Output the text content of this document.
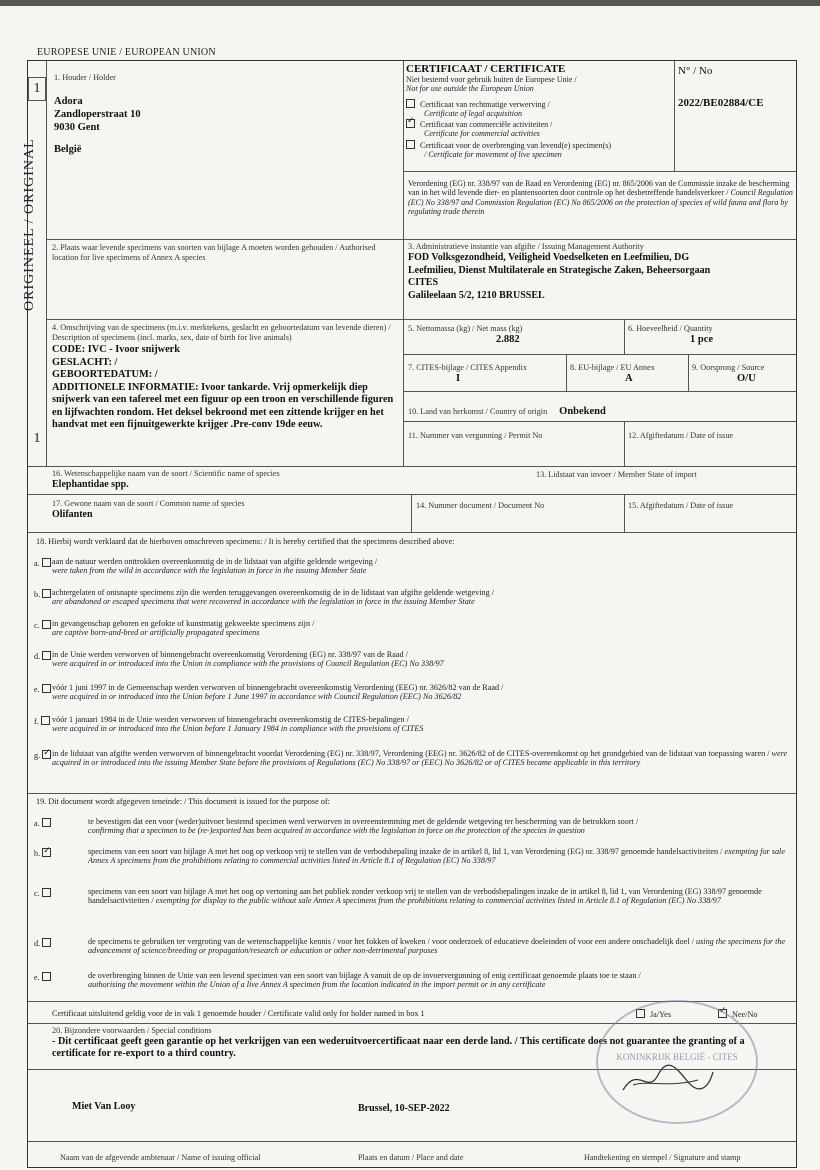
EUROPESE UNIE / EUROPEAN UNION
1
ORIGINEEL / ORIGINAL
1
1. Houder / Holder
Adora
Zandloperstraat 10
9030 Gent
België
CERTIFICAAT / CERTIFICATE
Niet bestemd voor gebruik buiten de Europese Unie /
Not for use outside the European Union
Certificaat van rechtmatige verwerving /
Certificate of legal acquisition
✓Certificaat van commerciële activiteiten /
Certificate for commercial activities
Certificaat voor de overbrenging van levend(e) specimen(s)
/ Certificate for movement of live specimen
N° / No
2022/BE02884/CE
Verordening (EG) nr. 338/97 van de Raad en Verordening (EG) nr. 865/2006 van de Commissie inzake de bescherming van in het wild levende dier- en plantensoorten door controle op het desbetreffende handelsverkeer / Council Regulation (EC) No 338/97 and Commission Regulation (EC) No 865/2006 on the protection of species of wild fauna and flora by regulating trade therein
2. Plaats waar levende specimens van soorten van bijlage A moeten worden gehouden / Authorised location for live specimens of Annex A species
3. Administratieve instantie van afgifte / Issuing Management Authority
FOD Volksgezondheid, Veiligheid Voedselketen en Leefmilieu, DG
Leefmilieu, Dienst Multilaterale en Strategische Zaken, Beheersorgaan
CITES
Galileelaan 5/2, 1210 BRUSSEL
4. Omschrijving van de specimens (m.i.v. merktekens, geslacht en geboortedatum van levende dieren) / Description of specimens (incl. marks, sex, date of birth for live animals)
CODE: IVC - Ivoor snijwerk
GESLACHT: /
GEBOORTEDATUM: /
ADDITIONELE INFORMATIE: Ivoor tankarde. Vrij opmerkelijk diep snijwerk van een tafereel met een figuur op een troon en verschillende figuren en lijfwachten rondom. Het deksel bekroond met een zittende krijger en het handvat met een fijnuitgewerkte krijger .Pre-conv 19de eeuw.
5. Nettomassa (kg) / Net mass (kg)
2.882
6. Hoeveelheid / Quantity
1 pce
7. CITES-bijlage / CITES Appendix
I
8. EU-bijlage / EU Annex
A
9. Oorsprong / Source
O/U
10. Land van herkomst / Country of origin Onbekend
11. Nummer van vergunning / Permit No	12. Afgiftedatum / Date of issue
16. Wetenschappelijke naam van de soort / Scientific name of species
Elephantidae spp.
13. Lidstaat van invoer / Member State of import
17. Gewone naam van de soort / Common name of species
Olifanten
14. Nummer document / Document No	15. Afgiftedatum / Date of issue
18. Hierbij wordt verklaard dat de hierboven omschreven specimens: / It is hereby certified that the specimens described above:
a.	aan de natuur werden onttrokken overeenkomstig de in de lidstaat van afgifte geldende wetgeving /
were taken from the wild in accordance with the legislation in force in the issuing Member State
b.	achtergelaten of ontsnapte specimens zijn die werden teruggevangen overeenkomstig de in de lidstaat van afgifte geldende wetgeving /
are abandoned or escaped specimens that were recovered in accordance with the legislation in force in the issuing Member State
c.	in gevangenschap geboren en gefokte of kunstmatig gekweekte specimens zijn /
are captive born-and-bred or artificially propagated specimens
d.	in de Unie werden verworven of binnengebracht overeenkomstig Verordening (EG) nr. 338/97 van de Raad /
were acquired in or introduced into the Union in compliance with the provisions of Council Regulation (EC) No 338/97
e.	vóór 1 juni 1997 in de Gemeenschap werden verworven of binnengebracht overeenkomstig Verordening (EEG) nr. 3626/82 van de Raad /
were acquired in or introduced into the Union before 1 June 1997 in accordance with Council Regulation (EEC) No 3626/82
f.	vóór 1 januari 1984 in de Unie werden verworven of binnengebracht overeenkomstig de CITES-bepalingen /
were acquired in or introduced into the Union before 1 January 1984 in compliance with the provisions of CITES
g. ✓	in de lidstaat van afgifte werden verworven of binnengebracht voordat Verordening (EG) nr. 338/97, Verordening (EEG) nr. 3626/82 of de CITES-overeenkomst op het grondgebied van de lidstaat van toepassing waren / were acquired in or introduced into the issuing Member State before the provisions of Regulations (EC) No 338/97 or (EEC) No 3626/82 or of CITES became applicable in this territory
19. Dit document wordt afgegeven teneinde: / This document is issued for the purpose of:
a.	te bevestigen dat een voor (weder)uitvoer bestemd specimen werd verworven in overeenstemming met de geldende wetgeving ter bescherming van de betrokken soort /
confirming that a specimen to be (re-)exported has been acquired in accordance with the legislation in force on the protection of the species in question
b. ✓	specimens van een soort van bijlage A met het oog op verkoop vrij te stellen van de verbodsbepaling inzake de in artikel 8, lid 1, van Verordening (EG) nr. 338/97 genoemde handelsactiviteiten / exempting for sale Annex A specimens from the prohibitions relating to commercial activities listed in Article 8.1 of Regulation (EC) No 338/97
c.	specimens van een soort van bijlage A met het oog op vertoning aan het publiek zonder verkoop vrij te stellen van de verbodsbepalingen inzake de in artikel 8, lid 1, van Verordening (EG) 338/97 genoemde handelsactiviteiten / exempting for display to the public without sale Annex A specimens from the prohibitions relating to commercial activities listed in Article 8.1 of Regulation (EC) No 338/97
d.	de specimens te gebruiken ter vergroting van de wetenschappelijke kennis / voor het fokken of kweken / voor onderzoek of educatieve doeleinden of voor een andere onschadelijk doel / using the specimens for the advancement of science/breeding or propagation/research or education or other non-detrimental purposes
e.	de overbrenging binnen de Unie van een levend specimen van een soort van bijlage A vanuit de op de invoervergunning of enig certificaat genoemde plaats toe te staan /
authorising the movement within the Union of a live Annex A specimen from the location indicated in the import permit or in any certificate
Certificaat uitsluitend geldig voor de in vak 1 genoemde houder / Certificate valid only for holder named in box 1	Ja/Yes ✓	Nee/No
20. Bijzondere voorwaarden / Special conditions
- Dit certificaat geeft geen garantie op het verkrijgen van een wederuitvoercertificaat naar een derde land. / This certificate does not guarantee the granting of a certificate for re-export to a third country.
Miet Van Looy	Brussel, 10-SEP-2022
Naam van de afgevende ambtenaar / Name of issuing official	Plaats en datum / Place and date	Handtekening en stempel / Signature and stamp
KONINKRIJK BELGIË - CITES
